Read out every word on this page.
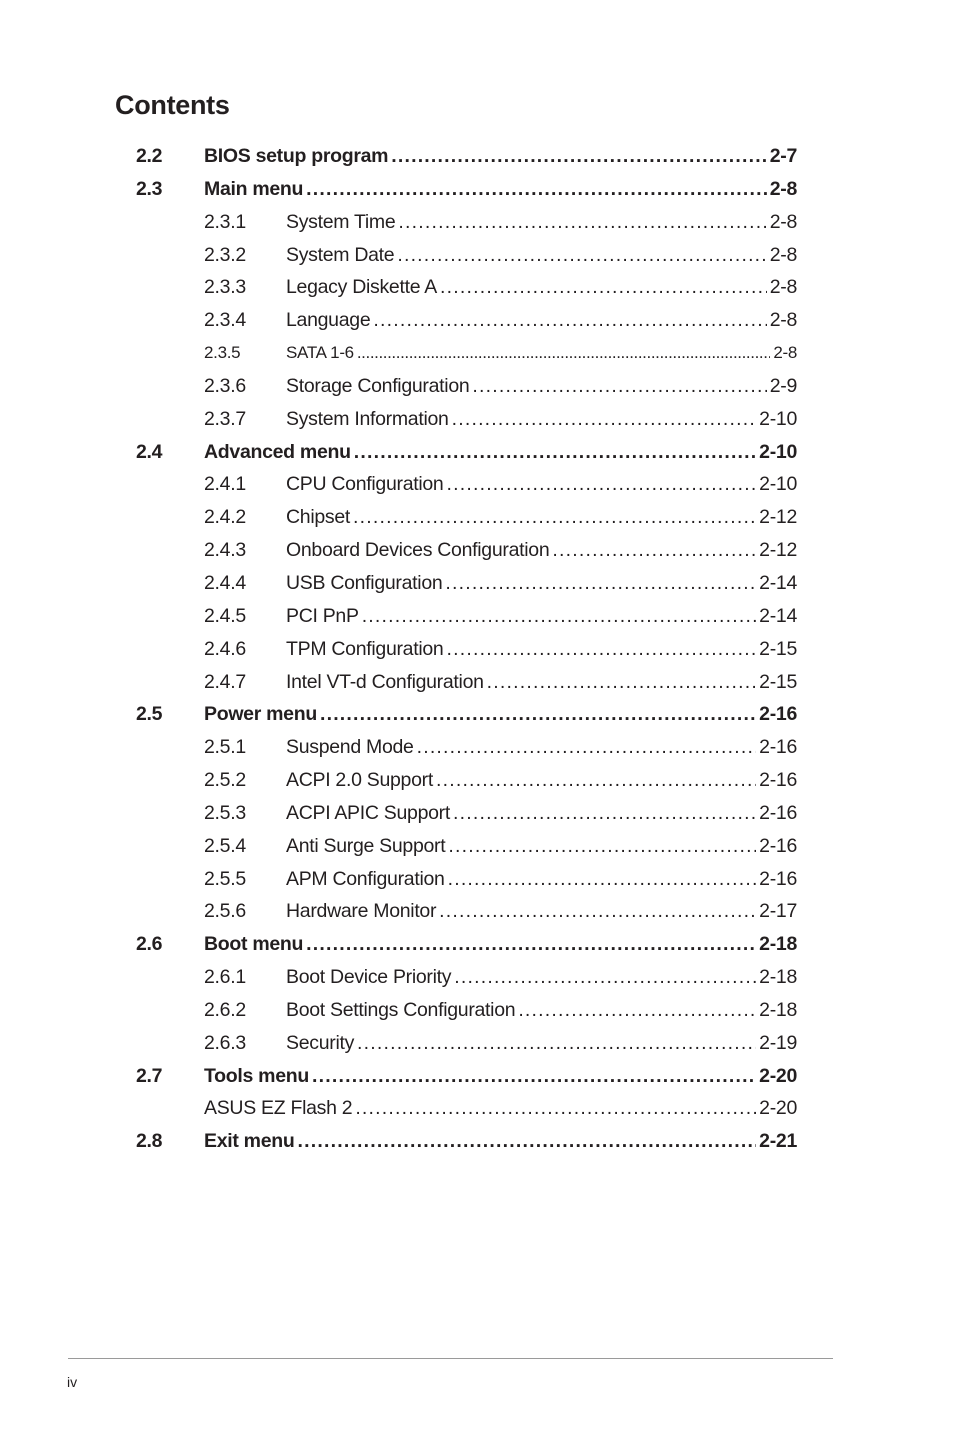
Contents
2.2 BIOS setup program .....	2-7
2.3 Main menu .....	2-8
2.3.1 System Time .....	2-8
2.3.2 System Date .....	2-8
2.3.3 Legacy Diskette A .....	2-8
2.3.4 Language .....	2-8
2.3.5	SATA 1-6 .....	2-8
2.3.6 Storage Configuration .....	2-9
2.3.7 System Information .....	2-10
2.4 Advanced menu .....	2-10
2.4.1 CPU Configuration .....	2-10
2.4.2 Chipset .....	2-12
2.4.3 Onboard Devices Configuration .....	2-12
2.4.4 USB Configuration .....	2-14
2.4.5 PCI PnP .....	2-14
2.4.6 TPM Configuration .....	2-15
2.4.7 Intel VT-d Configuration .....	2-15
2.5 Power menu .....	2-16
2.5.1 Suspend Mode .....	2-16
2.5.2 ACPI 2.0 Support .....	2-16
2.5.3 ACPI APIC Support .....	2-16
2.5.4 Anti Surge Support .....	2-16
2.5.5 APM Configuration .....	2-16
2.5.6 Hardware Monitor .....	2-17
2.6 Boot menu .....	2-18
2.6.1 Boot Device Priority .....	2-18
2.6.2 Boot Settings Configuration .....	2-18
2.6.3 Security .....	2-19
2.7 Tools menu .....	2-20
ASUS EZ Flash 2 .....	2-20
2.8 Exit menu .....	2-21
iv
